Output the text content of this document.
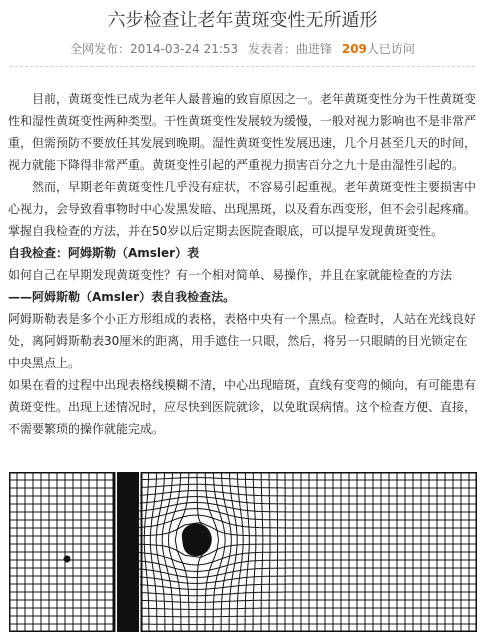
六步检查让老年黄斑变性无所遁形
全网发布：2014-03-24 21:53 发表者：曲进锋 209人已访问

目前，黄斑变性已成为老年人最普遍的致盲原因之一。老年黄斑变性分为干性黄斑变性和湿性黄斑变性两种类型。干性黄斑变性发展较为缓慢，一般对视力影响也不是非常严重，但需预防不要放任其发展到晚期。湿性黄斑变性发展迅速，几个月甚至几天的时间，视力就能下降得非常严重。黄斑变性引起的严重视力损害百分之九十是由湿性引起的。

然而，早期老年黄斑变性几乎没有症状，不容易引起重视。老年黄斑变性主要损害中心视力，会导致看事物时中心发黑发暗、出现黑斑，以及看东西变形，但不会引起疼痛。掌握自我检查的方法，并在50岁以后定期去医院查眼底，可以提早发现黄斑变性。

自我检查：阿姆斯勒（Amsler）表

如何自己在早期发现黄斑变性？有一个相对简单、易操作，并且在家就能检查的方法

——阿姆斯勒（Amsler）表自我检查法。

阿姆斯勒表是多个小正方形组成的表格，表格中央有一个黑点。检查时，人站在光线良好处，离阿姆斯勒表30厘米的距离，用手遮住一只眼，然后，将另一只眼睛的目光锁定在中央黑点上。

如果在看的过程中出现表格线模糊不清，中心出现暗斑，直线有变弯的倾向，有可能患有黄斑变性。出现上述情况时，应尽快到医院就诊，以免耽误病情。这个检查方便、直接，不需要繁琐的操作就能完成。
